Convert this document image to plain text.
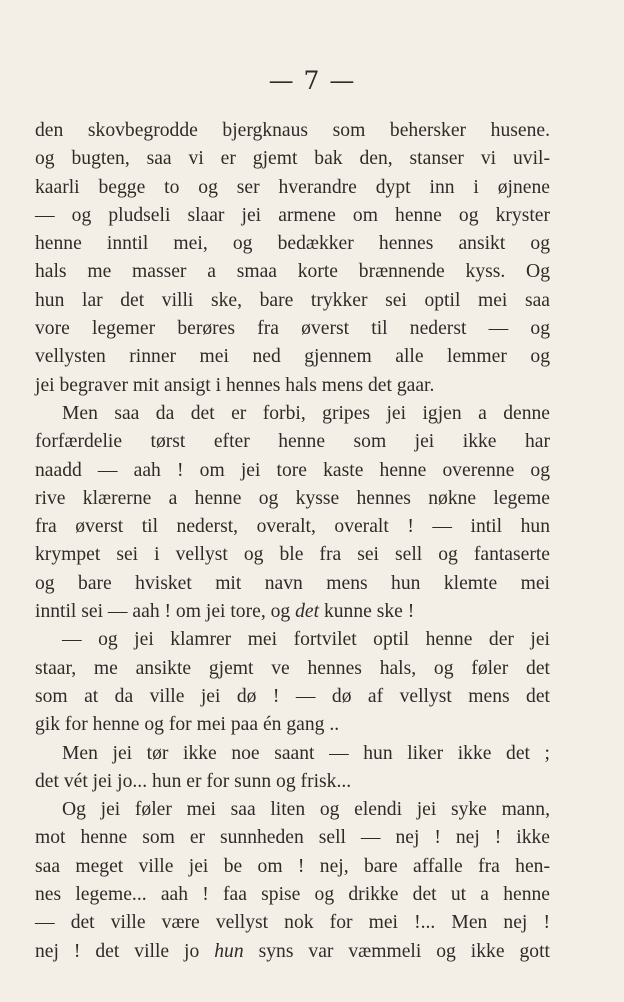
— 7 —
den skovbegrodde bjergknaus som behersker husene.
og bugten, saa vi er gjemt bak den, stanser vi uvil-
kaarli begge to og ser hverandre dypt inn i øjnene
— og pludseli slaar jei armene om henne og kryster
henne inntil mei, og bedækker hennes ansikt og
hals me masser a smaa korte brænnende kyss. Og
hun lar det villi ske, bare trykker sei optil mei saa
vore legemer berøres fra øverst til nederst — og
vellysten rinner mei ned gjennem alle lemmer og
jei begraver mit ansigt i hennes hals mens det gaar.
Men saa da det er forbi, gripes jei igjen a denne
forfærdelie tørst efter henne som jei ikke har
naadd — aah ! om jei tore kaste henne overenne og
rive klærerne a henne og kysse hennes nøkne legeme
fra øverst til nederst, overalt, overalt ! — intil hun
krympet sei i vellyst og ble fra sei sell og fantaserte
og bare hvisket mit navn mens hun klemte mei
inntil sei — aah ! om jei tore, og det kunne ske !
— og jei klamrer mei fortvilet optil henne der jei
staar, me ansikte gjemt ve hennes hals, og føler det
som at da ville jei dø ! — dø af vellyst mens det
gik for henne og for mei paa én gang ..
Men jei tør ikke noe saant — hun liker ikke det ;
det vét jei jo... hun er for sunn og frisk...
Og jei føler mei saa liten og elendi jei syke mann,
mot henne som er sunnheden sell — nej ! nej ! ikke
saa meget ville jei be om ! nej, bare affalle fra hen-
nes legeme... aah ! faa spise og drikke det ut a henne
— det ville være vellyst nok for mei !... Men nej !
nej ! det ville jo hun syns var væmmeli og ikke gott
